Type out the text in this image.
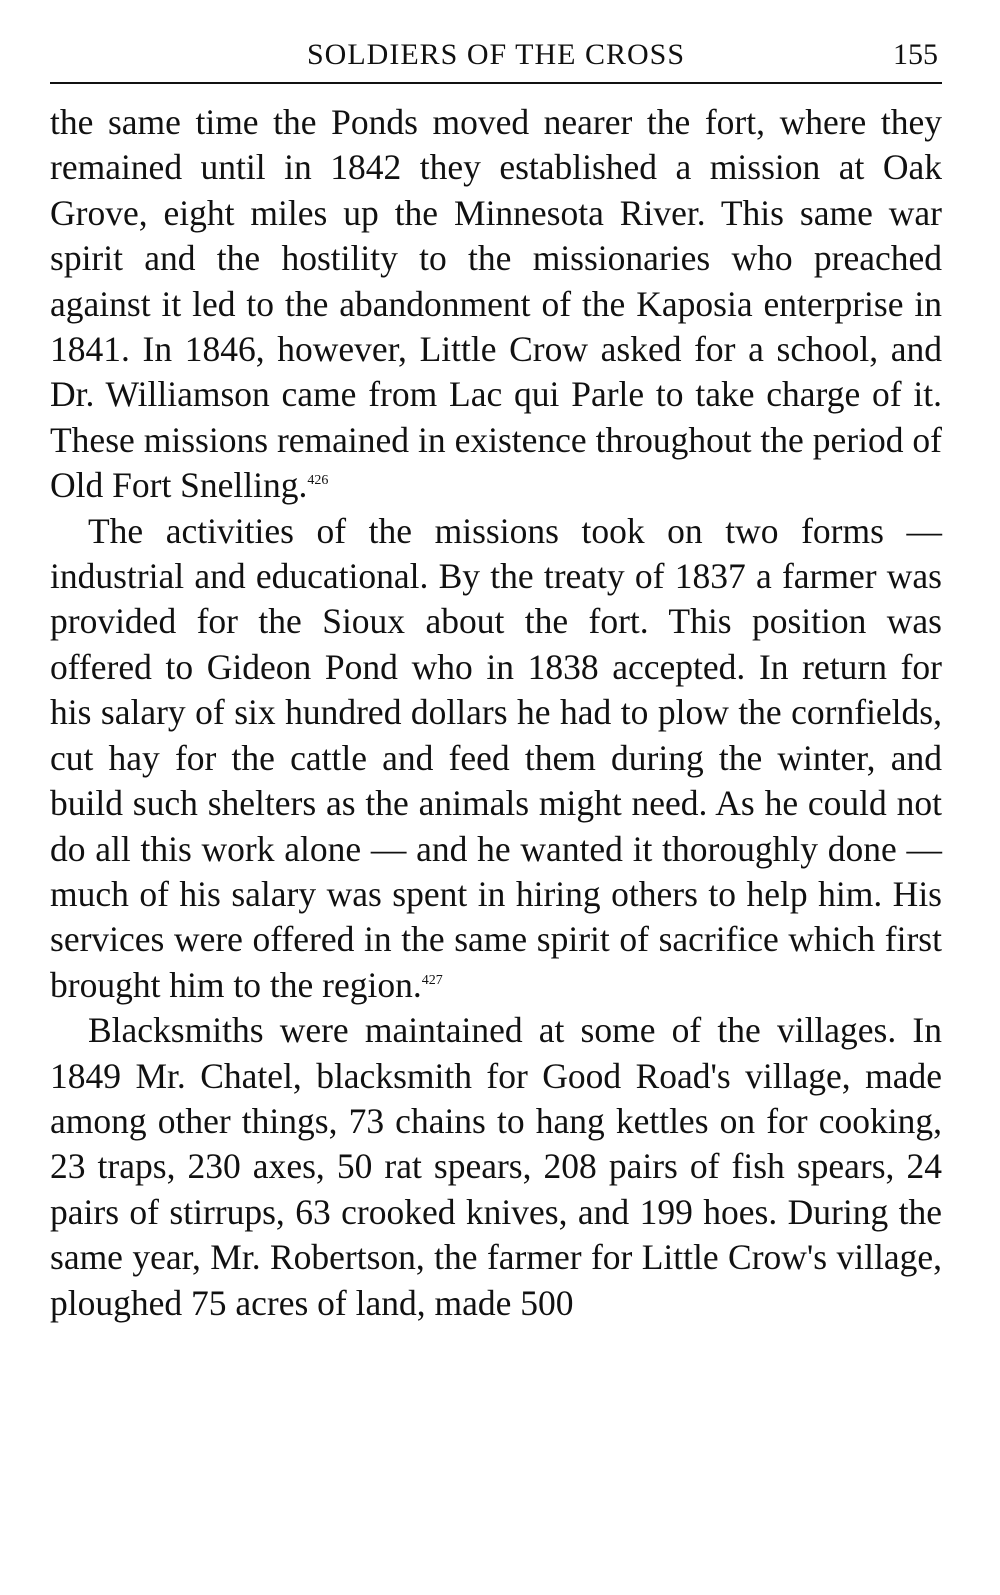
SOLDIERS OF THE CROSS	155

the same time the Ponds moved nearer the fort, where they remained until in 1842 they established a mission at Oak Grove, eight miles up the Minnesota River. This same war spirit and the hostility to the missionaries who preached against it led to the abandonment of the Kaposia enterprise in 1841. In 1846, however, Little Crow asked for a school, and Dr. Williamson came from Lac qui Parle to take charge of it. These missions remained in existence throughout the period of Old Fort Snelling.$^{426}$

The activities of the missions took on two forms — industrial and educational. By the treaty of 1837 a farmer was provided for the Sioux about the fort. This position was offered to Gideon Pond who in 1838 accepted. In return for his salary of six hundred dollars he had to plow the cornfields, cut hay for the cattle and feed them during the winter, and build such shelters as the animals might need. As he could not do all this work alone — and he wanted it thoroughly done — much of his salary was spent in hiring others to help him. His services were offered in the same spirit of sacrifice which first brought him to the region.$^{427}$

Blacksmiths were maintained at some of the villages. In 1849 Mr. Chatel, blacksmith for Good Road's village, made among other things, 73 chains to hang kettles on for cooking, 23 traps, 230 axes, 50 rat spears, 208 pairs of fish spears, 24 pairs of stirrups, 63 crooked knives, and 199 hoes. During the same year, Mr. Robertson, the farmer for Little Crow's village, ploughed 75 acres of land, made 500
